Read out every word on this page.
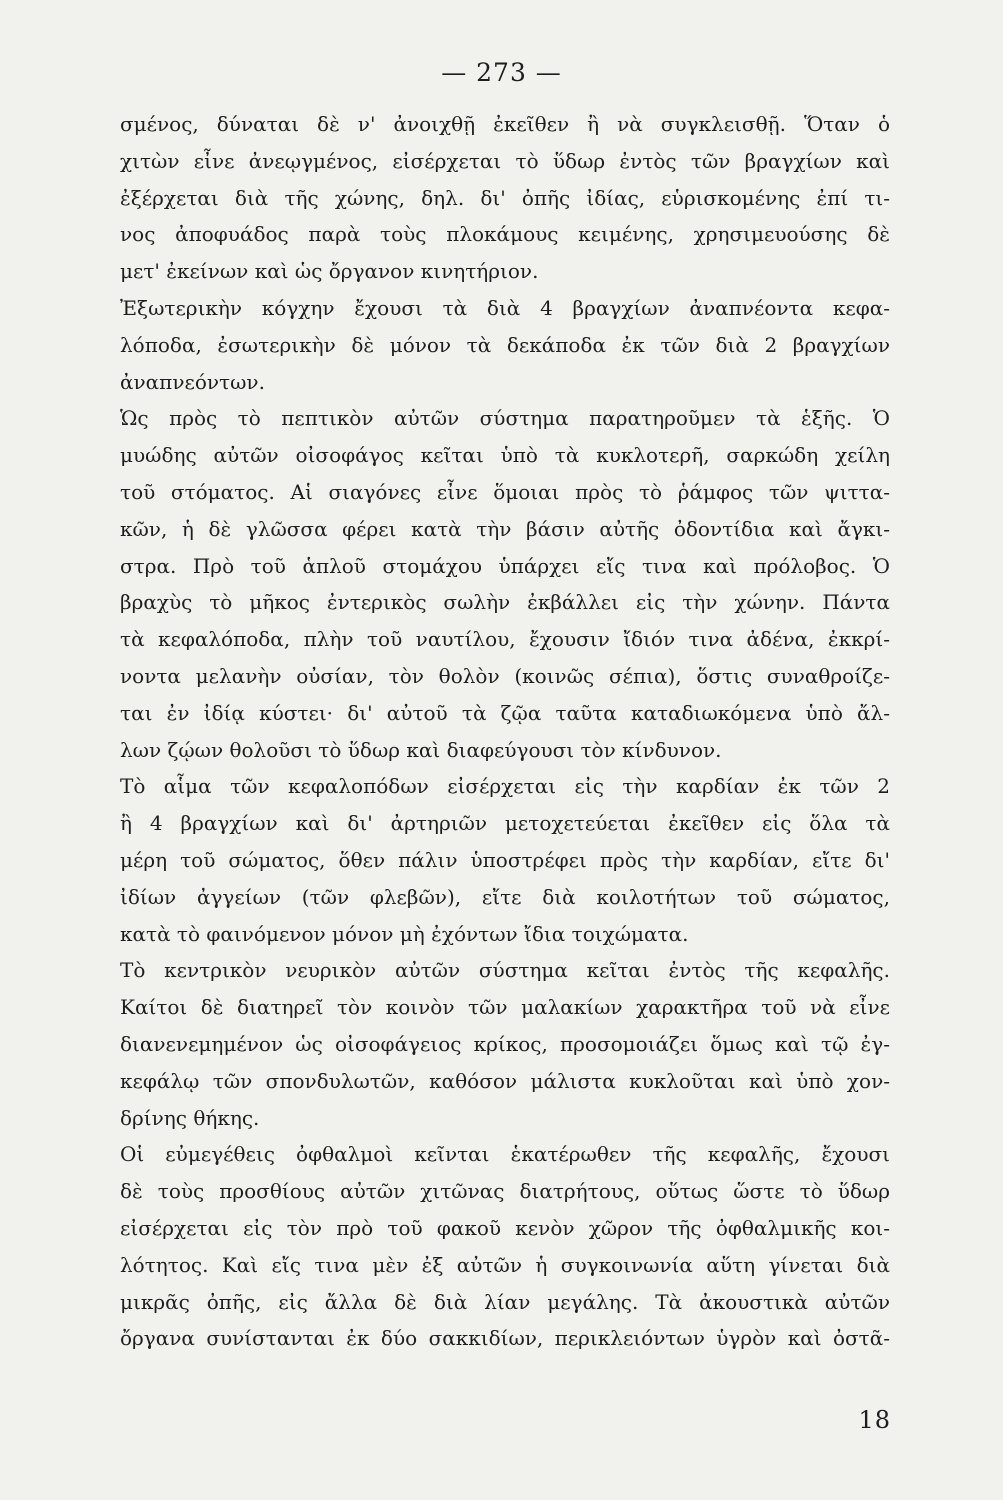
— 273 —
σμένος, δύναται δὲ ν' ἀνοιχθῇ ἐκεῖθεν ἢ νὰ συγκλεισθῇ. Ὅταν ὁ
χιτὼν εἶνε ἀνεῳγμένος, εἰσέρχεται τὸ ὕδωρ ἐντὸς τῶν βραγχίων καὶ
ἐξέρχεται διὰ τῆς χώνης, δηλ. δι' ὀπῆς ἰδίας, εὑρισκομένης ἐπί τι-
νος ἀποφυάδος παρὰ τοὺς πλοκάμους κειμένης, χρησιμευούσης δὲ
μετ' ἐκείνων καὶ ὡς ὄργανον κινητήριον.
Ἐξωτερικὴν κόγχην ἔχουσι τὰ διὰ 4 βραγχίων ἀναπνέοντα κεφα-
λόποδα, ἐσωτερικὴν δὲ μόνον τὰ δεκάποδα ἐκ τῶν διὰ 2 βραγχίων
ἀναπνεόντων.
Ὡς πρὸς τὸ πεπτικὸν αὐτῶν σύστημα παρατηροῦμεν τὰ ἑξῆς. Ὁ
μυώδης αὐτῶν οἰσοφάγος κεῖται ὑπὸ τὰ κυκλοτερῆ, σαρκώδη χείλη
τοῦ στόματος. Αἱ σιαγόνες εἶνε ὅμοιαι πρὸς τὸ ῥάμφος τῶν ψιττα-
κῶν, ἡ δὲ γλῶσσα φέρει κατὰ τὴν βάσιν αὐτῆς ὀδοντίδια καὶ ἄγκι-
στρα. Πρὸ τοῦ ἁπλοῦ στομάχου ὑπάρχει εἴς τινα καὶ πρόλοβος. Ὁ
βραχὺς τὸ μῆκος ἐντερικὸς σωλὴν ἐκβάλλει εἰς τὴν χώνην. Πάντα
τὰ κεφαλόποδα, πλὴν τοῦ ναυτίλου, ἔχουσιν ἴδιόν τινα ἀδένα, ἐκκρί-
νοντα μελανὴν οὐσίαν, τὸν θολὸν (κοινῶς σέπια), ὅστις συναθροίζε-
ται ἐν ἰδίᾳ κύστει· δι' αὐτοῦ τὰ ζῷα ταῦτα καταδιωκόμενα ὑπὸ ἄλ-
λων ζῴων θολοῦσι τὸ ὕδωρ καὶ διαφεύγουσι τὸν κίνδυνον.
Τὸ αἷμα τῶν κεφαλοπόδων εἰσέρχεται εἰς τὴν καρδίαν ἐκ τῶν 2
ἢ 4 βραγχίων καὶ δι' ἀρτηριῶν μετοχετεύεται ἐκεῖθεν εἰς ὅλα τὰ
μέρη τοῦ σώματος, ὅθεν πάλιν ὑποστρέφει πρὸς τὴν καρδίαν, εἴτε δι'
ἰδίων ἀγγείων (τῶν φλεβῶν), εἴτε διὰ κοιλοτήτων τοῦ σώματος,
κατὰ τὸ φαινόμενον μόνον μὴ ἐχόντων ἴδια τοιχώματα.
Τὸ κεντρικὸν νευρικὸν αὐτῶν σύστημα κεῖται ἐντὸς τῆς κεφαλῆς.
Καίτοι δὲ διατηρεῖ τὸν κοινὸν τῶν μαλακίων χαρακτῆρα τοῦ νὰ εἶνε
διανενεμημένον ὡς οἰσοφάγειος κρίκος, προσομοιάζει ὅμως καὶ τῷ ἐγ-
κεφάλῳ τῶν σπονδυλωτῶν, καθόσον μάλιστα κυκλοῦται καὶ ὑπὸ χον-
δρίνης θήκης.
Οἱ εὐμεγέθεις ὀφθαλμοὶ κεῖνται ἑκατέρωθεν τῆς κεφαλῆς, ἔχουσι
δὲ τοὺς προσθίους αὐτῶν χιτῶνας διατρήτους, οὕτως ὥστε τὸ ὕδωρ
εἰσέρχεται εἰς τὸν πρὸ τοῦ φακοῦ κενὸν χῶρον τῆς ὀφθαλμικῆς κοι-
λότητος. Καὶ εἴς τινα μὲν ἐξ αὐτῶν ἡ συγκοινωνία αὕτη γίνεται διὰ
μικρᾶς ὀπῆς, εἰς ἄλλα δὲ διὰ λίαν μεγάλης. Τὰ ἀκουστικὰ αὐτῶν
ὄργανα συνίστανται ἐκ δύο σακκιδίων, περικλειόντων ὑγρὸν καὶ ὀστᾶ-
18
